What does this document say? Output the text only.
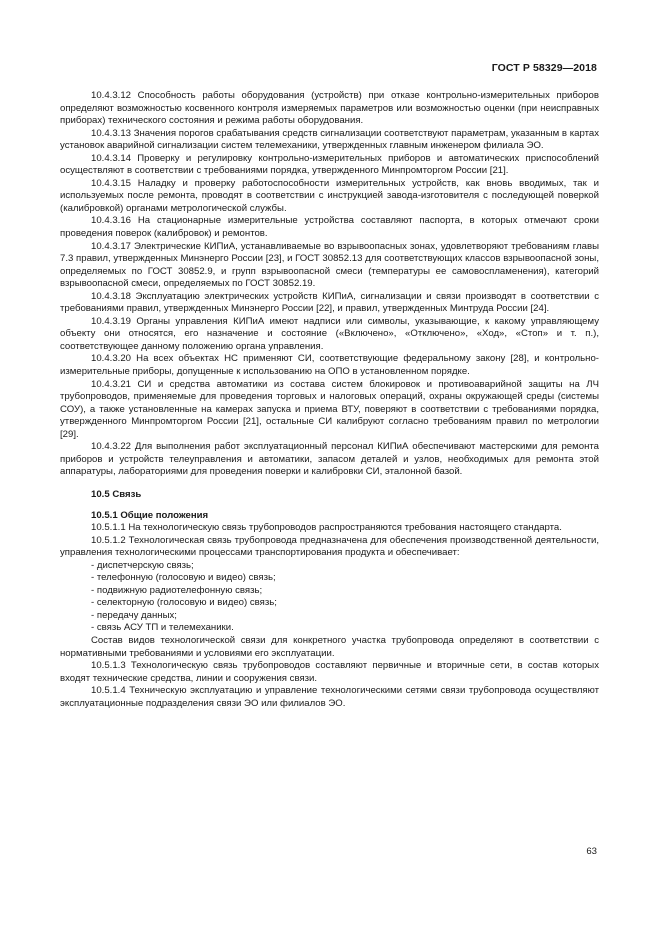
ГОСТ Р 58329—2018

10.4.3.12 Способность работы оборудования (устройств) при отказе контрольно-измерительных приборов определяют возможностью косвенного контроля измеряемых параметров или возможностью оценки (при неисправных приборах) технического состояния и режима работы оборудования.

10.4.3.13 Значения порогов срабатывания средств сигнализации соответствуют параметрам, указанным в картах установок аварийной сигнализации систем телемеханики, утвержденных главным инженером филиала ЭО.

10.4.3.14 Проверку и регулировку контрольно-измерительных приборов и автоматических приспособлений осуществляют в соответствии с требованиями порядка, утвержденного Минпромторгом России [21].

10.4.3.15 Наладку и проверку работоспособности измерительных устройств, как вновь вводимых, так и используемых после ремонта, проводят в соответствии с инструкцией завода-изготовителя с последующей поверкой (калибровкой) органами метрологической службы.

10.4.3.16 На стационарные измерительные устройства составляют паспорта, в которых отмечают сроки проведения поверок (калибровок) и ремонтов.

10.4.3.17 Электрические КИПиА, устанавливаемые во взрывоопасных зонах, удовлетворяют требованиям главы 7.3 правил, утвержденных Минэнерго России [23], и ГОСТ 30852.13 для соответствующих классов взрывоопасной зоны, определяемых по ГОСТ 30852.9, и групп взрывоопасной смеси (температуры ее самовоспламенения), категорий взрывоопасной смеси, определяемых по ГОСТ 30852.19.

10.4.3.18 Эксплуатацию электрических устройств КИПиА, сигнализации и связи производят в соответствии с требованиями правил, утвержденных Минэнерго России [22], и правил, утвержденных Минтруда России [24].

10.4.3.19 Органы управления КИПиА имеют надписи или символы, указывающие, к какому управляющему объекту они относятся, его назначение и состояние («Включено», «Отключено», «Ход», «Стоп» и т. п.), соответствующее данному положению органа управления.

10.4.3.20 На всех объектах НС применяют СИ, соответствующие федеральному закону [28], и контрольно-измерительные приборы, допущенные к использованию на ОПО в установленном порядке.

10.4.3.21 СИ и средства автоматики из состава систем блокировок и противоаварийной защиты на ЛЧ трубопроводов, применяемые для проведения торговых и налоговых операций, охраны окружающей среды (системы СОУ), а также установленные на камерах запуска и приема ВТУ, поверяют в соответствии с требованиями порядка, утвержденного Минпромторгом России [21], остальные СИ калибруют согласно требованиям правил по метрологии [29].

10.4.3.22 Для выполнения работ эксплуатационный персонал КИПиА обеспечивают мастерскими для ремонта приборов и устройств телеуправления и автоматики, запасом деталей и узлов, необходимых для ремонта этой аппаратуры, лабораториями для проведения поверки и калибровки СИ, эталонной базой.

10.5 Связь
10.5.1 Общие положения

10.5.1.1 На технологическую связь трубопроводов распространяются требования настоящего стандарта.

10.5.1.2 Технологическая связь трубопровода предназначена для обеспечения производственной деятельности, управления технологическими процессами транспортирования продукта и обеспечивает:

- диспетчерскую связь;
- телефонную (голосовую и видео) связь;
- подвижную радиотелефонную связь;
- селекторную (голосовую и видео) связь;
- передачу данных;
- связь АСУ ТП и телемеханики.

Состав видов технологической связи для конкретного участка трубопровода определяют в соответствии с нормативными требованиями и условиями его эксплуатации.

10.5.1.3 Технологическую связь трубопроводов составляют первичные и вторичные сети, в состав которых входят технические средства, линии и сооружения связи.

10.5.1.4 Техническую эксплуатацию и управление технологическими сетями связи трубопровода осуществляют эксплуатационные подразделения связи ЭО или филиалов ЭО.

63
